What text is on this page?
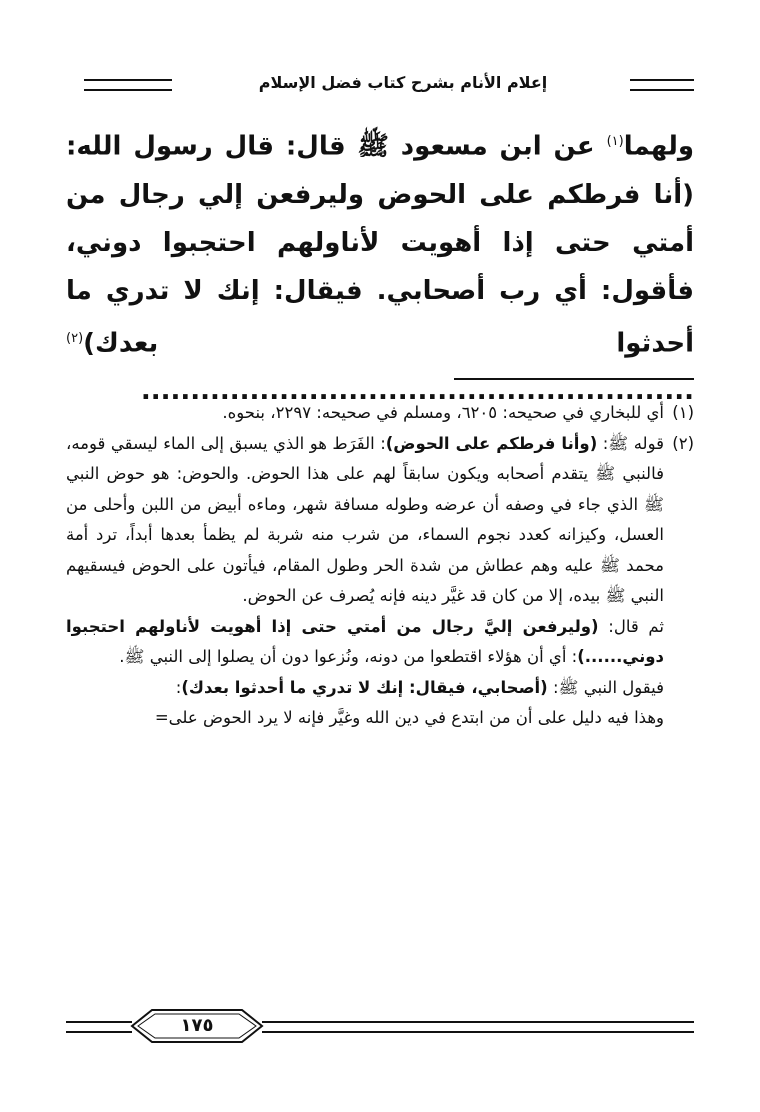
إعلام الأنام بشرح كتاب فضل الإسلام

ولهما$^{(١)}$ عن ابن مسعود ﷺ قال: قال رسول الله: (أنا فرطكم على الحوض وليرفعن إلي رجال من أمتي حتى إذا أهويت لأناولهم احتجبوا دوني، فأقول: أي رب أصحابي. فيقال: إنك لا تدري ما أحدثوا بعدك)$^{(٢)}$ ........................................................

(١)
أي للبخاري في صحيحه: ٦٢٠٥، ومسلم في صحيحه: ٢٢٩٧، بنحوه.
(٢)

قوله ﷺ: (وأنا فرطكم على الحوض): الفَرَط هو الذي يسبق إلى الماء ليسقي قومه، فالنبي ﷺ يتقدم أصحابه ويكون سابقاً لهم على هذا الحوض. والحوض: هو حوض النبي ﷺ الذي جاء في وصفه أن عرضه وطوله مسافة شهر، وماءه أبيض من اللبن وأحلى من العسل، وكيزانه كعدد نجوم السماء، من شرب منه شربة لم يظمأ بعدها أبداً، ترد أمة محمد ﷺ عليه وهم عطاش من شدة الحر وطول المقام، فيأتون على الحوض فيسقيهم النبي ﷺ بيده، إلا من كان قد غيَّر دينه فإنه يُصرف عن الحوض.

ثم قال: (وليرفعن إليَّ رجال من أمتي حتى إذا أهويت لأناولهم احتجبوا دوني......): أي أن هؤلاء اقتطعوا من دونه، ونُزعوا دون أن يصلوا إلى النبي ﷺ.

فيقول النبي ﷺ: (أصحابي، فيقال: إنك لا تدري ما أحدثوا بعدك):

وهذا فيه دليل على أن من ابتدع في دين الله وغيَّر فإنه لا يرد الحوض على=

١٧٥
